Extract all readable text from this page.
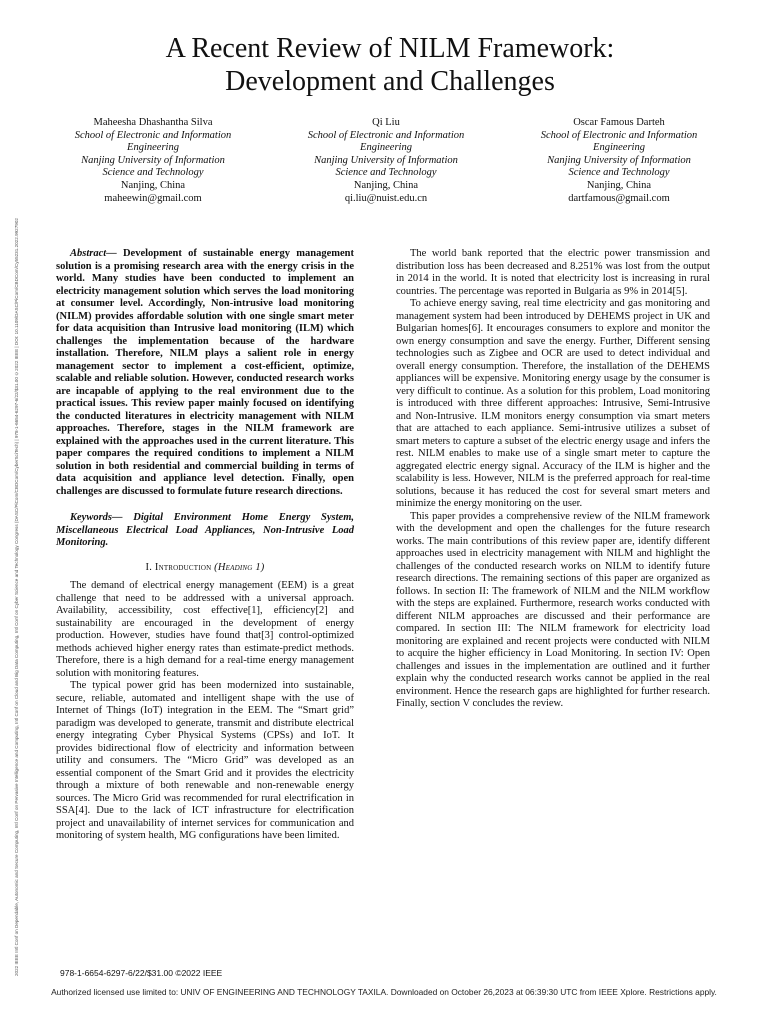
2022 IEEE Intl Conf on Dependable, Autonomic and Secure Computing, Intl Conf on Pervasive Intelligence and Computing, Intl Conf on Cloud and Big Data Computing, Intl Conf on Cyber Science and Technology Congress (DASC/PiCom/CBDCom/CyberSciTech) | 978-1-6654-6297-6/22/$31.00 ©2022 IEEE | DOI: 10.1109/DASC/PiCom/CBDCom/Cy55231.2022.9927902
A Recent Review of NILM Framework:
Development and Challenges
Maheesha Dhashantha Silva
School of Electronic and Information
Engineering
Nanjing University of Information
Science and Technology
Nanjing, China
maheewin@gmail.com
Qi Liu
School of Electronic and Information
Engineering
Nanjing University of Information
Science and Technology
Nanjing, China
qi.liu@nuist.edu.cn
Oscar Famous Darteh
School of Electronic and Information
Engineering
Nanjing University of Information
Science and Technology
Nanjing, China
dartfamous@gmail.com

Abstract— Development of sustainable energy management solution is a promising research area with the energy crisis in the world. Many studies have been conducted to implement an electricity management solution which serves the load monitoring at consumer level. Accordingly, Non-intrusive load monitoring (NILM) provides affordable solution with one single smart meter for data acquisition than Intrusive load monitoring (ILM) which challenges the implementation because of the hardware installation. Therefore, NILM plays a salient role in energy management sector to implement a cost-efficient, optimize, scalable and reliable solution. However, conducted research works are incapable of applying to the real environment due to the practical issues. This review paper mainly focused on identifying the conducted literatures in electricity management with NILM approaches. Therefore, stages in the NILM framework are explained with the approaches used in the current literature. This paper compares the required conditions to implement a NILM solution in both residential and commercial building in terms of data acquisition and appliance level detection. Finally, open challenges are discussed to formulate future research directions.

Keywords— Digital Environment Home Energy System, Miscellaneous Electrical Load Appliances, Non-Intrusive Load Monitoring.

I. Introduction (Heading 1)

The demand of electrical energy management (EEM) is a great challenge that need to be addressed with a universal approach. Availability, accessibility, cost effective[1], efficiency[2] and sustainability are encouraged in the development of energy production. However, studies have found that[3] control-optimized methods achieved higher energy rates than estimate-predict methods. Therefore, there is a high demand for a real-time energy management solution with monitoring features.

The typical power grid has been modernized into sustainable, secure, reliable, automated and intelligent shape with the use of Internet of Things (IoT) integration in the EEM. The “Smart grid” paradigm was developed to generate, transmit and distribute electrical energy integrating Cyber Physical Systems (CPSs) and IoT. It provides bidirectional flow of electricity and information between utility and consumers. The “Micro Grid” was developed as an essential component of the Smart Grid and it provides the electricity through a mixture of both renewable and non-renewable energy sources. The Micro Grid was recommended for rural electrification in SSA[4]. Due to the lack of ICT infrastructure for electrification project and unavailability of internet services for communication and monitoring of system health, MG configurations have been limited.

The world bank reported that the electric power transmission and distribution loss has been decreased and 8.251% was lost from the output in 2014 in the world. It is noted that electricity lost is increasing in rural countries. The percentage was reported in Bulgaria as 9% in 2014[5].

To achieve energy saving, real time electricity and gas monitoring and management system had been introduced by DEHEMS project in UK and Bulgarian homes[6]. It encourages consumers to explore and monitor the own energy consumption and save the energy. Further, Different sensing technologies such as Zigbee and OCR are used to detect individual and overall energy consumption. Therefore, the installation of the DEHEMS appliances will be expensive. Monitoring energy usage by the consumer is very difficult to continue. As a solution for this problem, Load monitoring is introduced with three different approaches: Intrusive, Semi-Intrusive and Non-Intrusive. ILM monitors energy consumption via smart meters that are attached to each appliance. Semi-intrusive utilizes a subset of smart meters to capture a subset of the electric energy usage and infers the rest. NILM enables to make use of a single smart meter to capture the aggregated electric energy signal. Accuracy of the ILM is higher and the scalability is less. However, NILM is the preferred approach for real-time solutions, because it has reduced the cost for several smart meters and minimize the energy monitoring on the user.

This paper provides a comprehensive review of the NILM framework with the development and open the challenges for the future research works. The main contributions of this review paper are, identify different approaches used in electricity management with NILM and highlight the challenges of the conducted research works on NILM to identify future research directions. The remaining sections of this paper are organized as follows. In section II: The framework of NILM and the NILM workflow with the steps are explained. Furthermore, research works conducted with different NILM approaches are discussed and their performance are compared. In section III: The NILM framework for electricity load monitoring are explained and recent projects were conducted with NILM to acquire the higher efficiency in Load Monitoring. In section IV: Open challenges and issues in the implementation are outlined and it further explain why the conducted research works cannot be applied in the real environment. Hence the research gaps are highlighted for further research. Finally, section V concludes the review.

978-1-6654-6297-6/22/$31.00 ©2022 IEEE
Authorized licensed use limited to: UNIV OF ENGINEERING AND TECHNOLOGY TAXILA. Downloaded on October 26,2023 at 06:39:30 UTC from IEEE Xplore. Restrictions apply.
